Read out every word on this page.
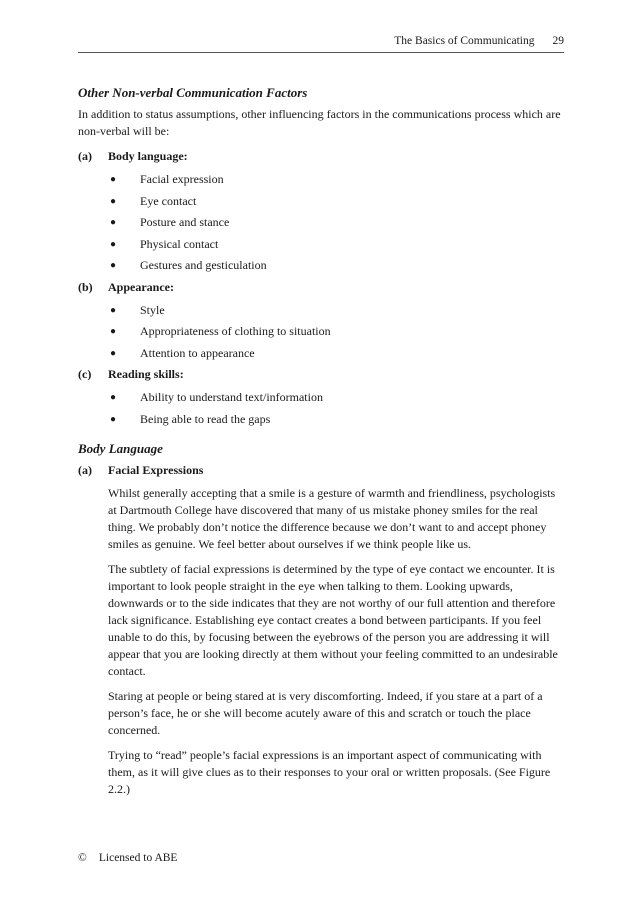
The Basics of Communicating 29
Other Non-verbal Communication Factors

In addition to status assumptions, other influencing factors in the communications process which are non-verbal will be:

(a)	Body language:
●	Facial expression
●	Eye contact
●	Posture and stance
●	Physical contact
●	Gestures and gesticulation
(b)	Appearance:
●	Style
●	Appropriateness of clothing to situation
●	Attention to appearance
(c)	Reading skills:
●	Ability to understand text/information
●	Being able to read the gaps
Body Language
(a)	Facial Expressions

Whilst generally accepting that a smile is a gesture of warmth and friendliness, psychologists at Dartmouth College have discovered that many of us mistake phoney smiles for the real thing. We probably don’t notice the difference because we don’t want to and accept phoney smiles as genuine. We feel better about ourselves if we think people like us.

The subtlety of facial expressions is determined by the type of eye contact we encounter. It is important to look people straight in the eye when talking to them. Looking upwards, downwards or to the side indicates that they are not worthy of our full attention and therefore lack significance. Establishing eye contact creates a bond between participants. If you feel unable to do this, by focusing between the eyebrows of the person you are addressing it will appear that you are looking directly at them without your feeling committed to an undesirable contact.

Staring at people or being stared at is very discomforting. Indeed, if you stare at a part of a person’s face, he or she will become acutely aware of this and scratch or touch the place concerned.

Trying to “read” people’s facial expressions is an important aspect of communicating with them, as it will give clues as to their responses to your oral or written proposals. (See Figure 2.2.)

© Licensed to ABE
